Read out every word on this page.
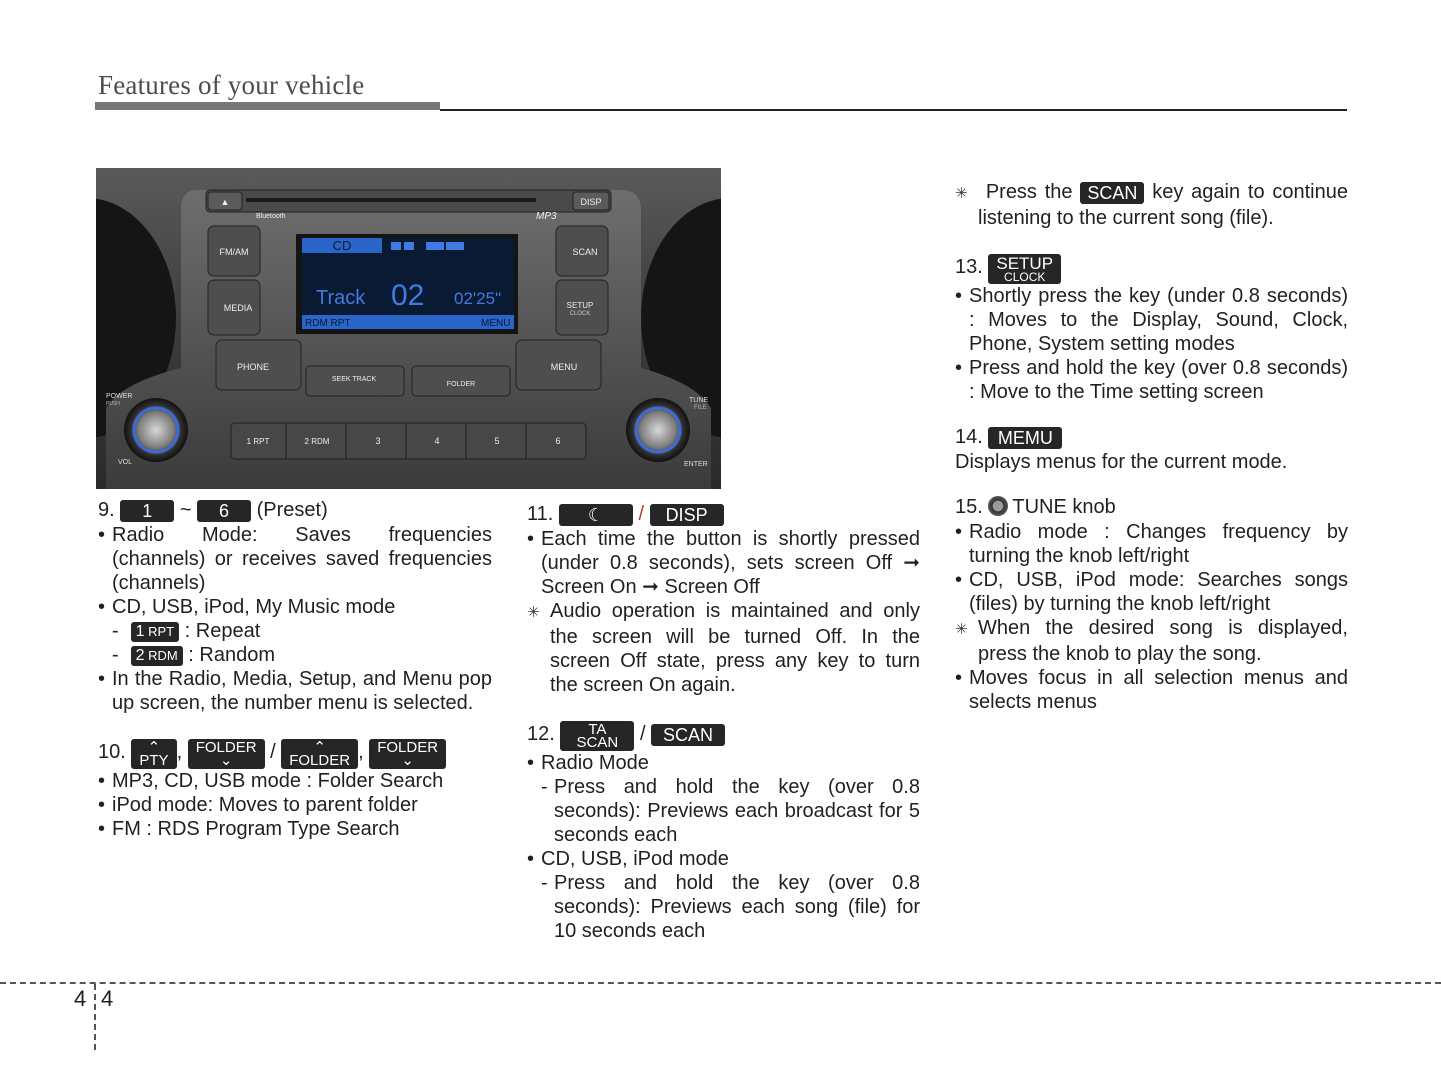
Features of your vehicle
▲	DISP
Bluetooth	MP3
FM/AM
MEDIA
PHONE
SCAN
SETUP
CLOCK
MENU
CD
Track 02 02'25"
RDM RPT	MENU
SEEK TRACK
FOLDER
1 RPT	2 RDM	3	4	5	6
POWER
PUSH
VOL
TUNE
FILE
ENTER
9. 1 ~ 6 (Preset)
• Radio Mode: Saves frequencies (channels) or receives saved frequencies (channels)
• CD, USB, iPod, My Music mode
- 1 RPT : Repeat
- 2 RDM : Random
• In the Radio, Media, Setup, and Menu pop up screen, the number menu is selected.
10. ⌃
PTY , FOLDER
⌄ /	⌃
FOLDER , FOLDER
⌄
• MP3, CD, USB mode : Folder Search
• iPod mode: Moves to parent folder
• FM : RDS Program Type Search
11. ☾ / DISP
• Each time the button is shortly pressed (under 0.8 seconds), sets screen Off ➞ Screen On ➞ Screen Off
✳ Audio operation is maintained and only the screen will be turned Off. In the screen Off state, press any key to turn the screen On again.
12. TA
SCAN / SCAN
• Radio Mode
- Press and hold the key (over 0.8 seconds): Previews each broadcast for 5 seconds each
• CD, USB, iPod mode
- Press and hold the key (over 0.8 seconds): Previews each song (file) for 10 seconds each
✳ Press the SCAN key again to continue listening to the current song (file).
13. SETUP
CLOCK
• Shortly press the key (under 0.8 seconds) : Moves to the Display, Sound, Clock, Phone, System setting modes
• Press and hold the key (over 0.8 seconds) : Move to the Time setting screen
14. MEMU
Displays menus for the current mode.
15. TUNE knob
• Radio mode : Changes frequency by turning the knob left/right
• CD, USB, iPod mode: Searches songs (files) by turning the knob left/right
✳ When the desired song is displayed, press the knob to play the song.
• Moves focus in all selection menus and selects menus
4 4
